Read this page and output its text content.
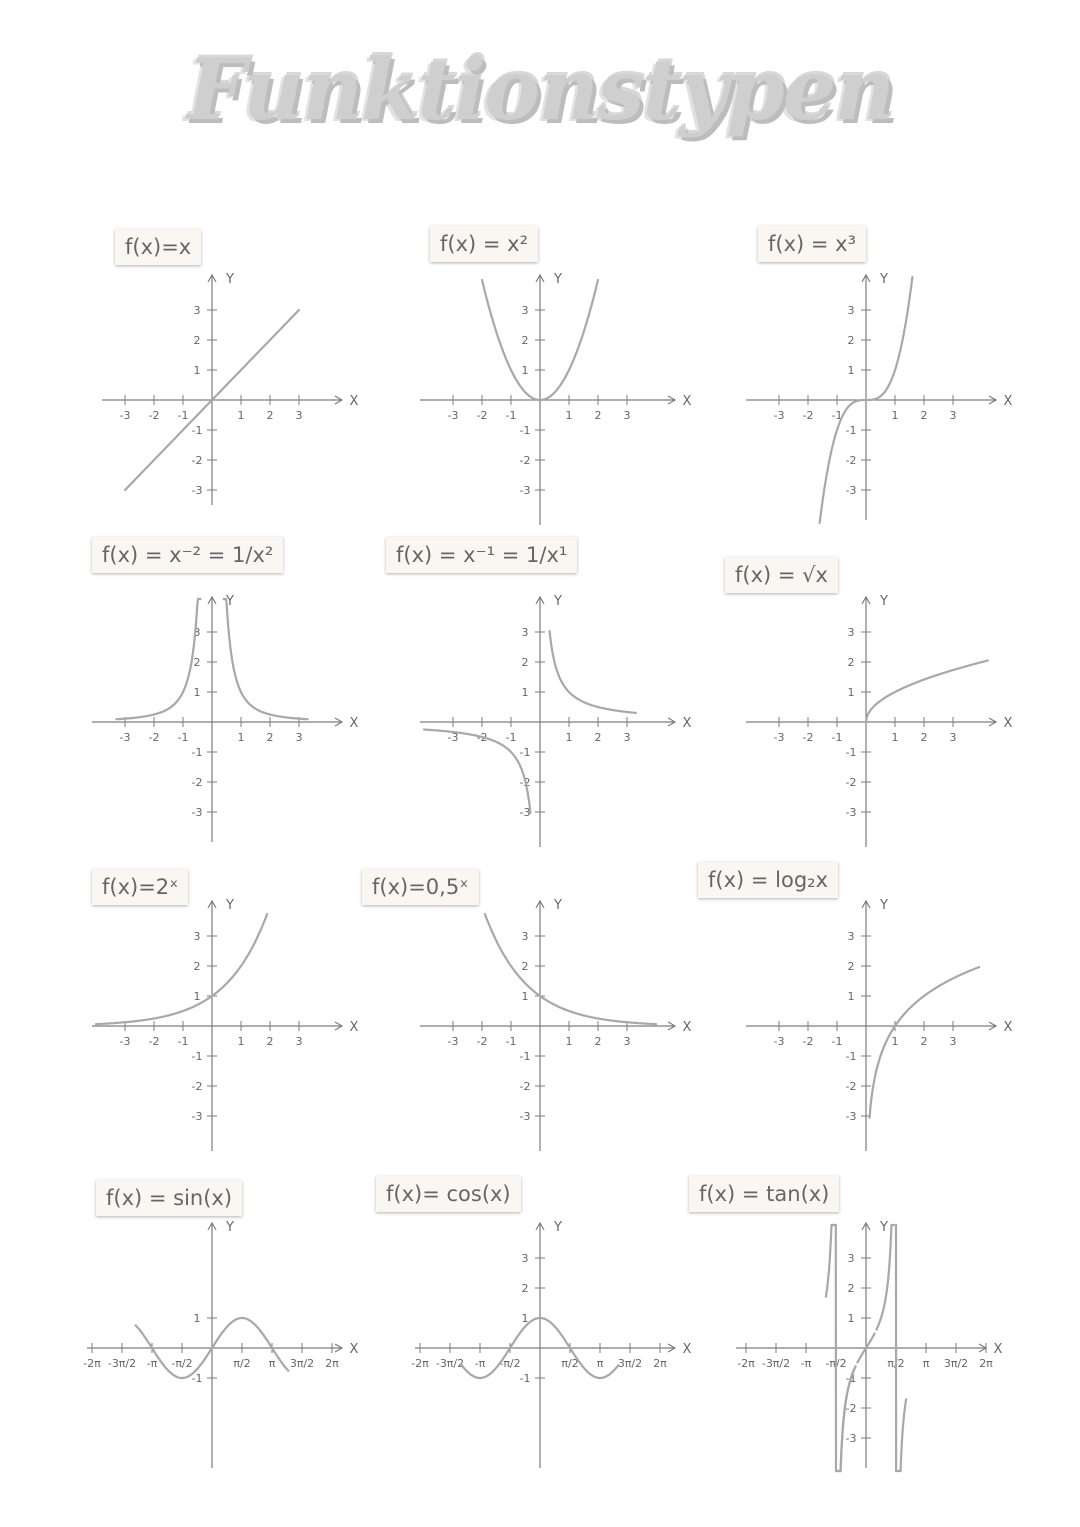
Funktionstypen
f(x)=x	f(x) = x²	f(x) = x³
f(x) = x⁻² = 1/x²	f(x) = x⁻¹ = 1/x¹
f(x) = √x
f(x)=2ˣ	f(x)=0,5ˣ	f(x) = log₂x
f(x) = sin(x)	f(x)= cos(x)	f(x) = tan(x)
X
Y
-3 -2 -1	1 2 3
3
2
1
-1
-2
-3
X
Y
-3 -2 -1	1 2 3
3
2
1
-1
-2
-3
X
Y
-3 -2 -1	1 2 3
3
2
1
-1
-2
-3
X
Y
-3 -2 -1	1 2 3
3
2
1
-1
-2
-3
X
Y
-3 -2 -1	1 2 3
3
2
1
-1
-2
-3
X
Y
-3 -2 -1	1 2 3
3
2
1
-1
-2
-3
X
Y
-3 -2 -1	1 2 3
3
2
1
-1
-2
-3
X
Y
-3 -2 -1	1 2 3
3
2
1
-1
-2
-3
X
Y
-3 -2 -1	1 2 3
3
2
1
-1
-2
-3
X
Y
-2π -3π/2 -π -π/2	π/2 π 3π/2 2π
1
-1
X
Y
-2π -3π/2 -π -π/2	π/2 π 3π/2 2π
3
2
1
-1
X
Y
-2π -3π/2 -π -π/2	π/2 π 3π/2 2π
3
2
1
-1
-2
-3
